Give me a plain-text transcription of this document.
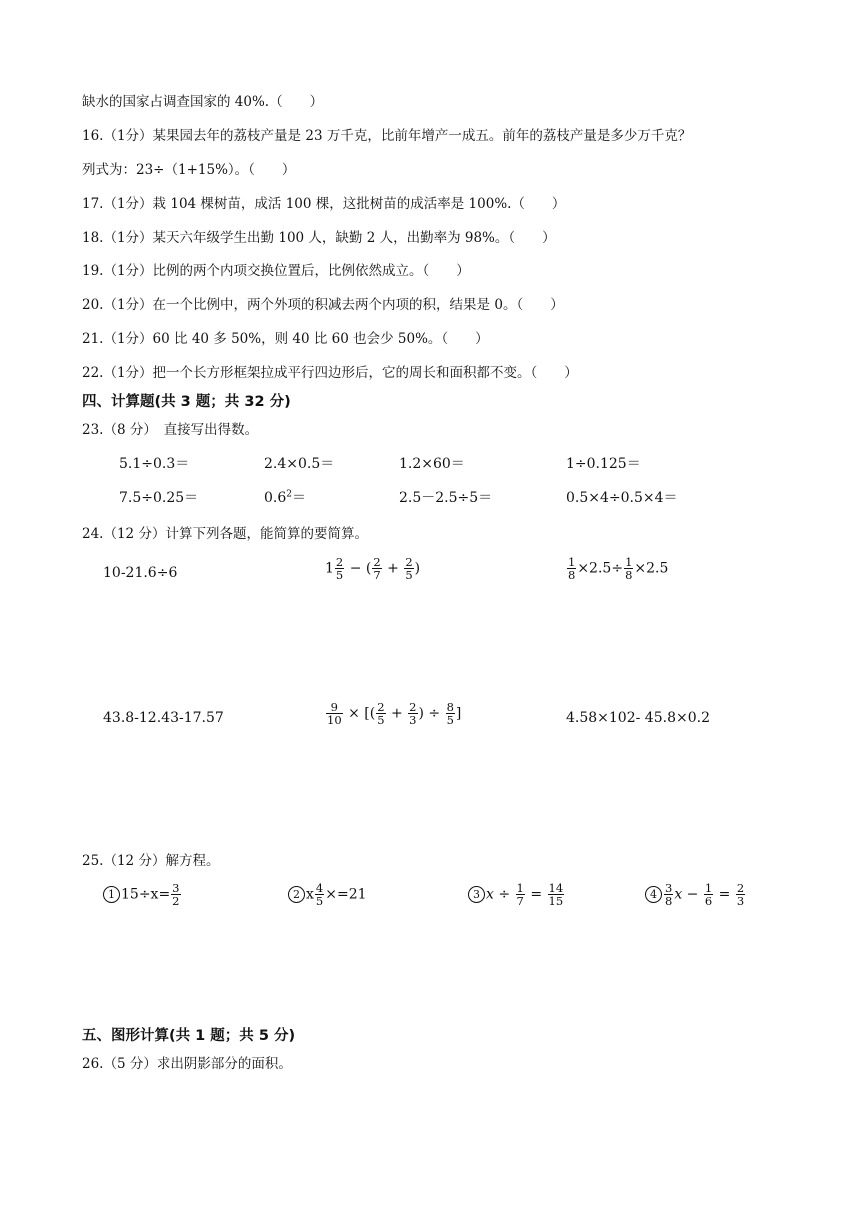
缺水的国家占调查国家的 40%.（　　）
16.（1分）某果园去年的荔枝产量是 23 万千克，比前年增产一成五。前年的荔枝产量是多少万千克？
列式为：23÷（1+15%）。（　　）
17.（1分）栽 104 棵树苗，成活 100 棵，这批树苗的成活率是 100%.（　　）
18.（1分）某天六年级学生出勤 100 人，缺勤 2 人，出勤率为 98%。（　　）
19.（1分）比例的两个内项交换位置后，比例依然成立。（　　）
20.（1分）在一个比例中，两个外项的积减去两个内项的积，结果是 0。（　　）
21.（1分）60 比 40 多 50%，则 40 比 60 也会少 50%。（　　）
22.（1分）把一个长方形框架拉成平行四边形后，它的周长和面积都不变。（　　）
四、计算题(共 3 题；共 32 分)
23.（8 分）　直接写出得数。
5.1÷0.3＝	2.4×0.5＝	1.2×60＝	1÷0.125＝
7.5÷0.25＝	$0.6^2=$	2.5－2.5÷5＝	0.5×4÷0.5×4＝
24.（12 分）计算下列各题，能简算的要简算。
10-21.6÷6	$1 \frac{2}{5}$ − ( $\frac{2}{7} + \frac{2}{5}$ )	$\frac{1}{8} \times 2.5\div \frac{1}{8} \times 2.5$
43.8-12.43-17.57	$\frac{9}{10}$ × [( $\frac{2}{5} + \frac{2}{3}$ ) ÷ $\frac{8}{5}$ ]	4.58×102- 45.8×0.2
25.（12 分）解方程。
1 $15\div x= \frac{3}{2}$	2 x $\frac{4}{5} \times=21$	3 $x \div \frac{1}{7} = \frac{14}{15}$	$4 \frac{3}{8}$ $x - \frac{1}{6} = \frac{2}{3}$
五、图形计算(共 1 题；共 5 分)
26.（5 分）求出阴影部分的面积。
